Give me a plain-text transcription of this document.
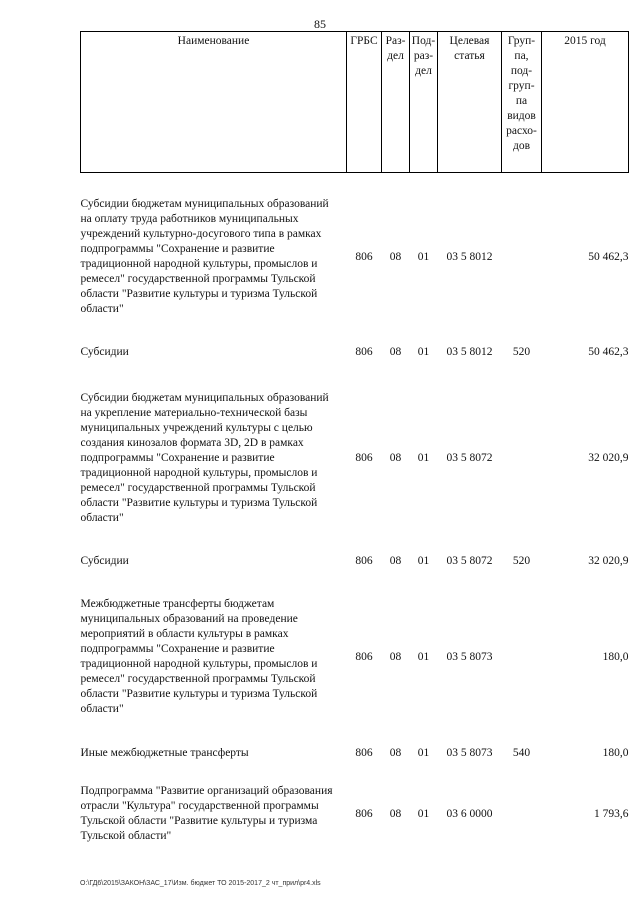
85
Наименование	ГРБС	Раз- дел	Под- раз- дел	Целевая статья	Груп- па, под- груп- па видов расхо- дов	2015 год

Субсидии бюджетам муниципальных образований на оплату труда работников муниципальных учреждений культурно-досугового типа в рамках подпрограммы "Сохранение и развитие традиционной народной культуры, промыслов и ремесел" государственной программы Тульской области "Развитие культуры и туризма Тульской области"	806	08	01	03 5 8012		50 462,3
Субсидии	806	08	01	03 5 8012	520	50 462,3
Субсидии бюджетам муниципальных образований на укрепление материально-технической базы муниципальных учреждений культуры с целью создания кинозалов формата 3D, 2D в рамках подпрограммы "Сохранение и развитие традиционной народной культуры, промыслов и ремесел" государственной программы Тульской области "Развитие культуры и туризма Тульской области"	806	08	01	03 5 8072		32 020,9
Субсидии	806	08	01	03 5 8072	520	32 020,9
Межбюджетные трансферты бюджетам муниципальных образований на проведение мероприятий в области культуры в рамках подпрограммы "Сохранение и развитие традиционной народной культуры, промыслов и ремесел" государственной программы Тульской области "Развитие культуры и туризма Тульской области"	806	08	01	03 5 8073		180,0
Иные межбюджетные трансферты	806	08	01	03 5 8073	540	180,0
Подпрограмма "Развитие организаций образования отрасли "Культура" государственной программы Тульской области "Развитие культуры и туризма Тульской области"	806	08	01	03 6 0000		1 793,6
O:\ГД6\2015\ЗАКОН\ЗАС_17\Изм. бюджет ТО 2015-2017_2 чт_прил\pr4.xls
